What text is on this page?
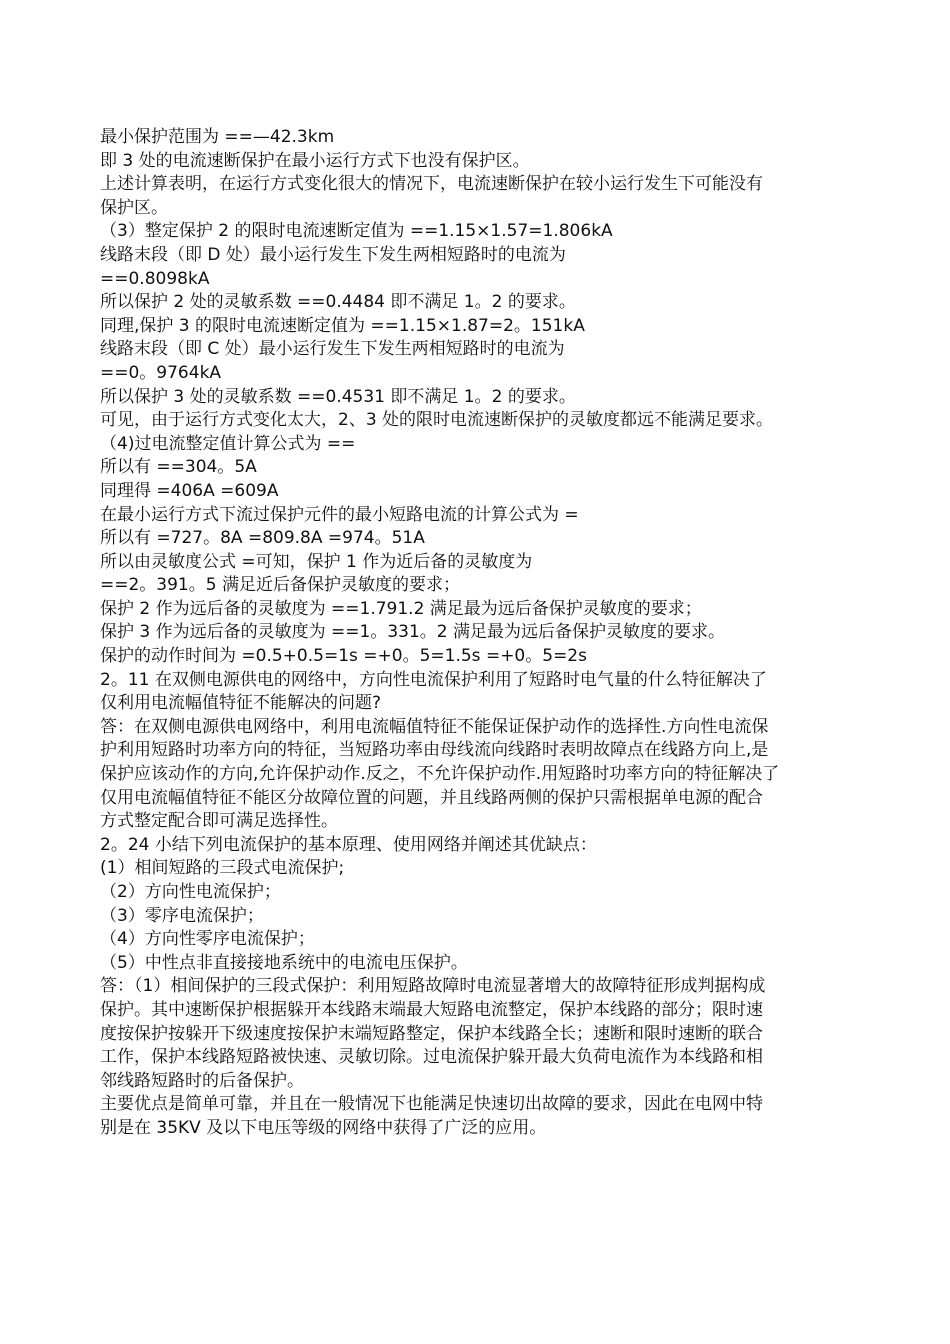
最小保护范围为 ==—42.3km
即 3 处的电流速断保护在最小运行方式下也没有保护区。
上述计算表明，在运行方式变化很大的情况下，电流速断保护在较小运行发生下可能没有
保护区。
（3）整定保护 2 的限时电流速断定值为 ==1.15×1.57=1.806kA
线路末段（即 D 处）最小运行发生下发生两相短路时的电流为
==0.8098kA
所以保护 2 处的灵敏系数 ==0.4484 即不满足 1。2 的要求。
同理,保护 3 的限时电流速断定值为 ==1.15×1.87=2。151kA
线路末段（即 C 处）最小运行发生下发生两相短路时的电流为
==0。9764kA
所以保护 3 处的灵敏系数 ==0.4531 即不满足 1。2 的要求。
可见，由于运行方式变化太大，2、3 处的限时电流速断保护的灵敏度都远不能满足要求。
（4)过电流整定值计算公式为 ==
所以有 ==304。5A
同理得 =406A =609A
在最小运行方式下流过保护元件的最小短路电流的计算公式为 =
所以有 =727。8A =809.8A =974。51A
所以由灵敏度公式 =可知，保护 1 作为近后备的灵敏度为
==2。391。5 满足近后备保护灵敏度的要求；
保护 2 作为远后备的灵敏度为 ==1.791.2 满足最为远后备保护灵敏度的要求；
保护 3 作为远后备的灵敏度为 ==1。331。2 满足最为远后备保护灵敏度的要求。
保护的动作时间为 =0.5+0.5=1s =+0。5=1.5s =+0。5=2s
2。11 在双侧电源供电的网络中，方向性电流保护利用了短路时电气量的什么特征解决了
仅利用电流幅值特征不能解决的问题?
答：在双侧电源供电网络中，利用电流幅值特征不能保证保护动作的选择性.方向性电流保
护利用短路时功率方向的特征，当短路功率由母线流向线路时表明故障点在线路方向上,是
保护应该动作的方向,允许保护动作.反之，不允许保护动作.用短路时功率方向的特征解决了
仅用电流幅值特征不能区分故障位置的问题，并且线路两侧的保护只需根据单电源的配合
方式整定配合即可满足选择性。
2。24 小结下列电流保护的基本原理、使用网络并阐述其优缺点：
(1）相间短路的三段式电流保护;
（2）方向性电流保护；
（3）零序电流保护；
（4）方向性零序电流保护；
（5）中性点非直接接地系统中的电流电压保护。
答：（1）相间保护的三段式保护：利用短路故障时电流显著增大的故障特征形成判据构成
保护。其中速断保护根据躲开本线路末端最大短路电流整定，保护本线路的部分；限时速
度按保护按躲开下级速度按保护末端短路整定，保护本线路全长；速断和限时速断的联合
工作，保护本线路短路被快速、灵敏切除。过电流保护躲开最大负荷电流作为本线路和相
邻线路短路时的后备保护。
主要优点是简单可靠，并且在一般情况下也能满足快速切出故障的要求，因此在电网中特
别是在 35KV 及以下电压等级的网络中获得了广泛的应用。
